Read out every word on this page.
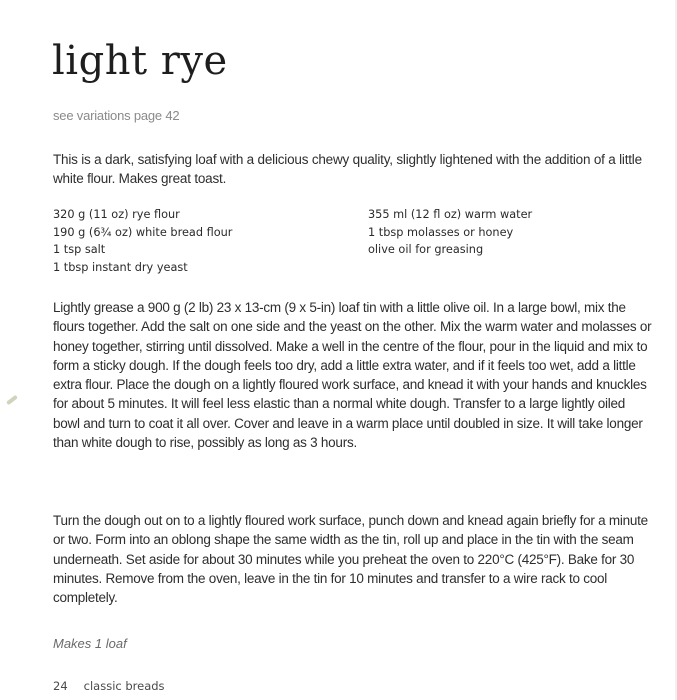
light rye
see variations page 42

This is a dark, satisfying loaf with a delicious chewy quality, slightly lightened with the addition of a little white flour. Makes great toast.

320 g (11 oz) rye flour
190 g (6¾ oz) white bread flour
1 tsp salt
1 tbsp instant dry yeast
355 ml (12 fl oz) warm water
1 tbsp molasses or honey
olive oil for greasing

Lightly grease a 900 g (2 lb) 23 x 13-cm (9 x 5-in) loaf tin with a little olive oil. In a large bowl, mix the flours together. Add the salt on one side and the yeast on the other. Mix the warm water and molasses or honey together, stirring until dissolved. Make a well in the centre of the flour, pour in the liquid and mix to form a sticky dough. If the dough feels too dry, add a little extra water, and if it feels too wet, add a little extra flour. Place the dough on a lightly floured work surface, and knead it with your hands and knuckles for about 5 minutes. It will feel less elastic than a normal white dough. Transfer to a large lightly oiled bowl and turn to coat it all over. Cover and leave in a warm place until doubled in size. It will take longer than white dough to rise, possibly as long as 3 hours.

Turn the dough out on to a lightly floured work surface, punch down and knead again briefly for a minute or two. Form into an oblong shape the same width as the tin, roll up and place in the tin with the seam underneath. Set aside for about 30 minutes while you preheat the oven to 220°C (425°F). Bake for 30 minutes. Remove from the oven, leave in the tin for 10 minutes and transfer to a wire rack to cool completely.

Makes 1 loaf
24 classic breads
